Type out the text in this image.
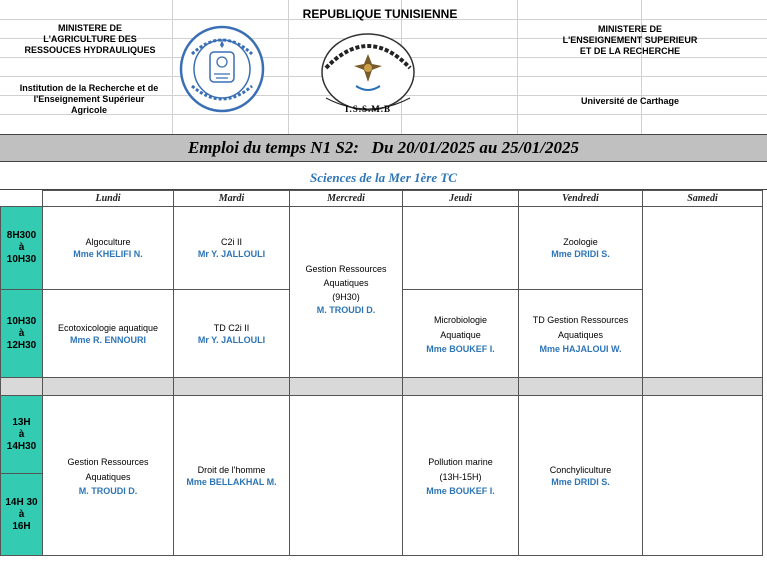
REPUBLIQUE TUNISIENNE
MINISTERE DE
L'AGRICULTURE DES
RESSOUCES HYDRAULIQUES
Institution de la Recherche et de
l'Enseignement Supérieur
Agricole
MINISTERE DE
L'ENSEIGNEMENT SUPERIEUR
ET DE LA RECHERCHE
Université de Carthage
I.S.S.M.B
Emploi du temps N1 S2:   Du 20/01/2025 au 25/01/2025
Sciences de la Mer 1ère TC
	Lundi	Mardi	Mercredi	Jeudi	Vendredi	Samedi
8H300
à
10H30	Algoculture
Mme KHELIFI N.	C2i II
Mr Y. JALLOULI	Gestion Ressources
Aquatiques
(9H30)
M. TROUDI D.		Zoologie
Mme DRIDI S.	

10H30
à
12H30	Ecotoxicologie aquatique
Mme R. ENNOURI	TD C2i II
Mr Y. JALLOULI		Microbiologie
Aquatique
Mme BOUKEF I.	TD Gestion Ressources
Aquatiques
Mme HAJALOUI W.	

13H
à
14H30	Gestion Ressources
Aquatiques
M. TROUDI D.	Droit de l'homme
Mme BELLAKHAL M.		Pollution marine
(13H-15H)
Mme BOUKEF I.	Conchyliculture
Mme DRIDI S.	

14H 30
à
16H						
